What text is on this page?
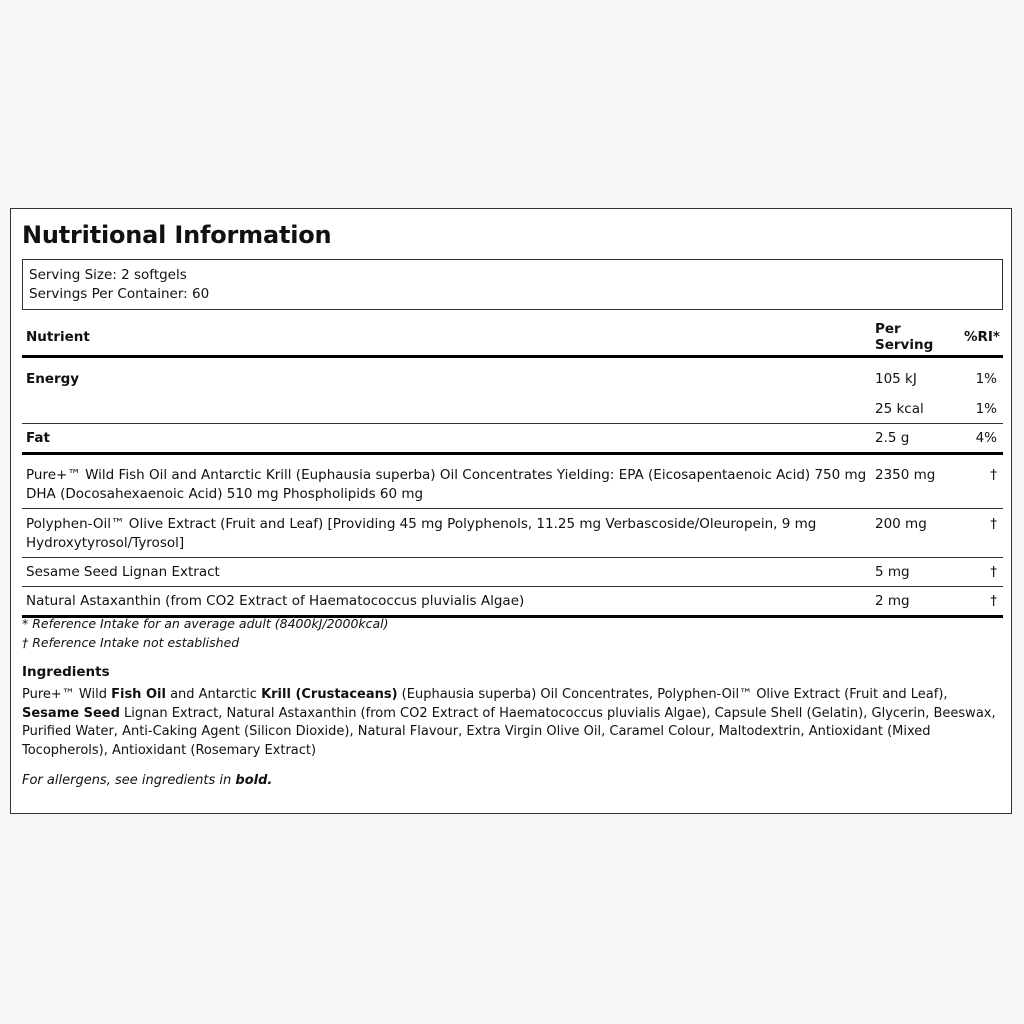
Nutritional Information
Serving Size: 2 softgels
Servings Per Container: 60
Nutrient	Per Serving	%RI*
Energy	105 kJ	1%
	25 kcal	1%
Fat	2.5 g	4%
Pure+™ Wild Fish Oil and Antarctic Krill (Euphausia superba) Oil Concentrates Yielding: EPA (Eicosapentaenoic Acid) 750 mg DHA (Docosahexaenoic Acid) 510 mg Phospholipids 60 mg	2350 mg	†
Polyphen-Oil™ Olive Extract (Fruit and Leaf) [Providing 45 mg Polyphenols, 11.25 mg Verbascoside/Oleuropein, 9 mg Hydroxytyrosol/Tyrosol]	200 mg	†
Sesame Seed Lignan Extract	5 mg	†
Natural Astaxanthin (from CO2 Extract of Haematococcus pluvialis Algae)	2 mg	†
* Reference Intake for an average adult (8400kJ/2000kcal)
† Reference Intake not established
Ingredients
Pure+™ Wild Fish Oil and Antarctic Krill (Crustaceans) (Euphausia superba) Oil Concentrates, Polyphen-Oil™ Olive Extract (Fruit and Leaf), Sesame Seed Lignan Extract, Natural Astaxanthin (from CO2 Extract of Haematococcus pluvialis Algae), Capsule Shell (Gelatin), Glycerin, Beeswax, Purified Water, Anti-Caking Agent (Silicon Dioxide), Natural Flavour, Extra Virgin Olive Oil, Caramel Colour, Maltodextrin, Antioxidant (Mixed Tocopherols), Antioxidant (Rosemary Extract)
For allergens, see ingredients in bold.
